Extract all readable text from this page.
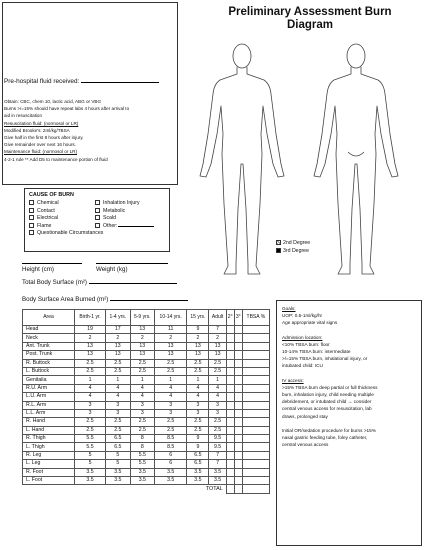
Preliminary Assessment Burn Diagram
Pre-hospital fluid received:
Obtain: CBC, chem 10, lactic acid, ABG or VBG
Burns >/=15% should have repeat labs 4 hours after arrival to
aid in resuscitation
Resuscitation fluid: (normosol or LR)
Modified Brooke's: 2ml/kg/TBSA
Give half in the first 8 hours after injury.
Give remainder over next 16 hours.
Maintenance fluid: (normosol or LR)
4-2-1 rule ** Add D5 to maintenance portion of fluid
2nd Degree
3rd Degree
CAUSE OF BURN
Chemical	Inhalation Injury
Contact	Metabolic
Electrical	Scald
Flame	Other:
Questionable Circumstances
Height (cm)	Weight (kg)
Total Body Surface (m²)
Body Surface Area Burned (m²)
Area	Birth-1 yr.	1-4 yrs.	5-9 yrs.	10-14 yrs.	15 yrs.	Adult	2°	3°	TBSA %
Head	19	17	13	11	9	7			
Neck	2	2	2	2	2	2			
Ant. Trunk	13	13	13	13	13	13			
Post. Trunk	13	13	13	13	13	13			
R. Buttock	2.5	2.5	2.5	2.5	2.5	2.5			
L. Buttock	2.5	2.5	2.5	2.5	2.5	2.5			
Genitalia	1	1	1	1	1	1			
R.U. Arm	4	4	4	4	4	4			
L.U. Arm	4	4	4	4	4	4			
R.L. Arm	3	3	3	3	3	3			
L.L. Arm	3	3	3	3	3	3			
R. Hand	2.5	2.5	2.5	2.5	2.5	2.5			
L. Hand	2.5	2.5	2.5	2.5	2.5	2.5			
R. Thigh	5.5	6.5	8	8.5	9	9.5			
L. Thigh	5.5	6.5	8	8.5	9	9.5			
R. Leg	5	5	5.5	6	6.5	7			
L. Leg	5	5	5.5	6	6.5	7			
R. Foot	3.5	3.5	3.5	3.5	3.5	3.5			
L. Foot	3.5	3.5	3.5	3.5	3.5	3.5			
TOTAL									
Goals:
UOP: 0.5-1ml/kg/hr
Age appropriate vital signs
Admission location:
<10% TBSA burn: floor
10-14% TBSA burn: intermediate
>/=15% TBSA burn, inhalational injury, or
intubated child: ICU
IV access:
>15% TBSA burn deep partial or full thickness
burn, inhalation injury, child needing multiple
debridement, or intubated child → consider
central venous access for resuscitation, lab
draws, prolonged stay
Initial OR/sedation procedure for burns >15%
nasal gastric feeding tube, foley catheter,
central venous access
